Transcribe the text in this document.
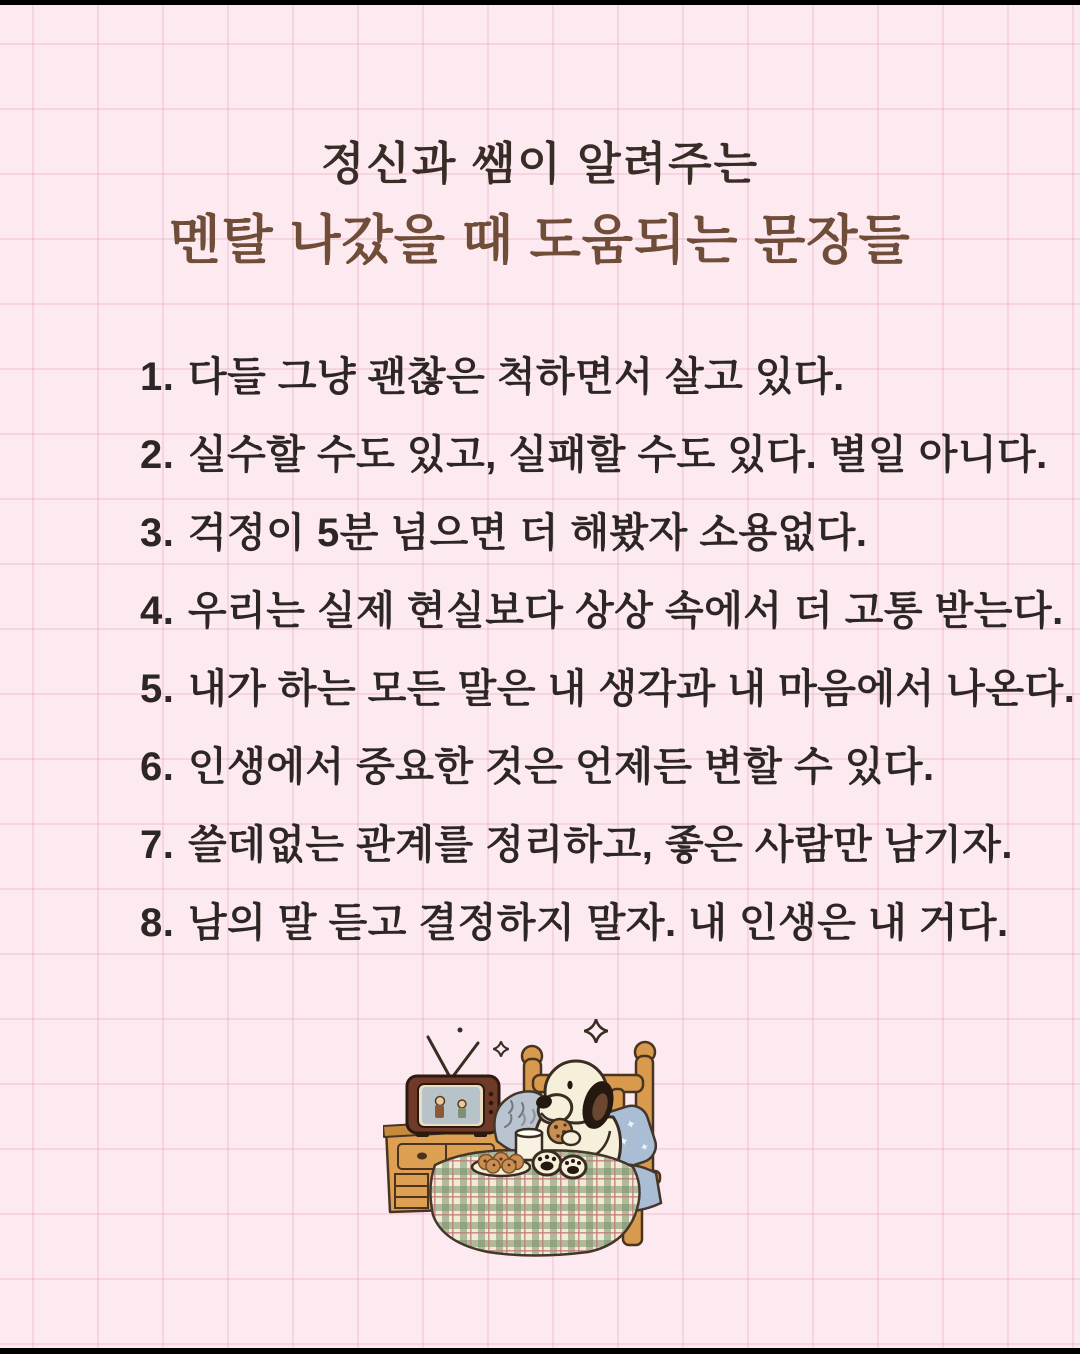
정신과 쌤이 알려주는
멘탈 나갔을 때 도움되는 문장들
1. 다들 그냥 괜찮은 척하면서 살고 있다.
2. 실수할 수도 있고, 실패할 수도 있다. 별일 아니다.
3. 걱정이 5분 넘으면 더 해봤자 소용없다.
4. 우리는 실제 현실보다 상상 속에서 더 고통 받는다.
5. 내가 하는 모든 말은 내 생각과 내 마음에서 나온다.
6. 인생에서 중요한 것은 언제든 변할 수 있다.
7. 쓸데없는 관계를 정리하고, 좋은 사람만 남기자.
8. 남의 말 듣고 결정하지 말자. 내 인생은 내 거다.
